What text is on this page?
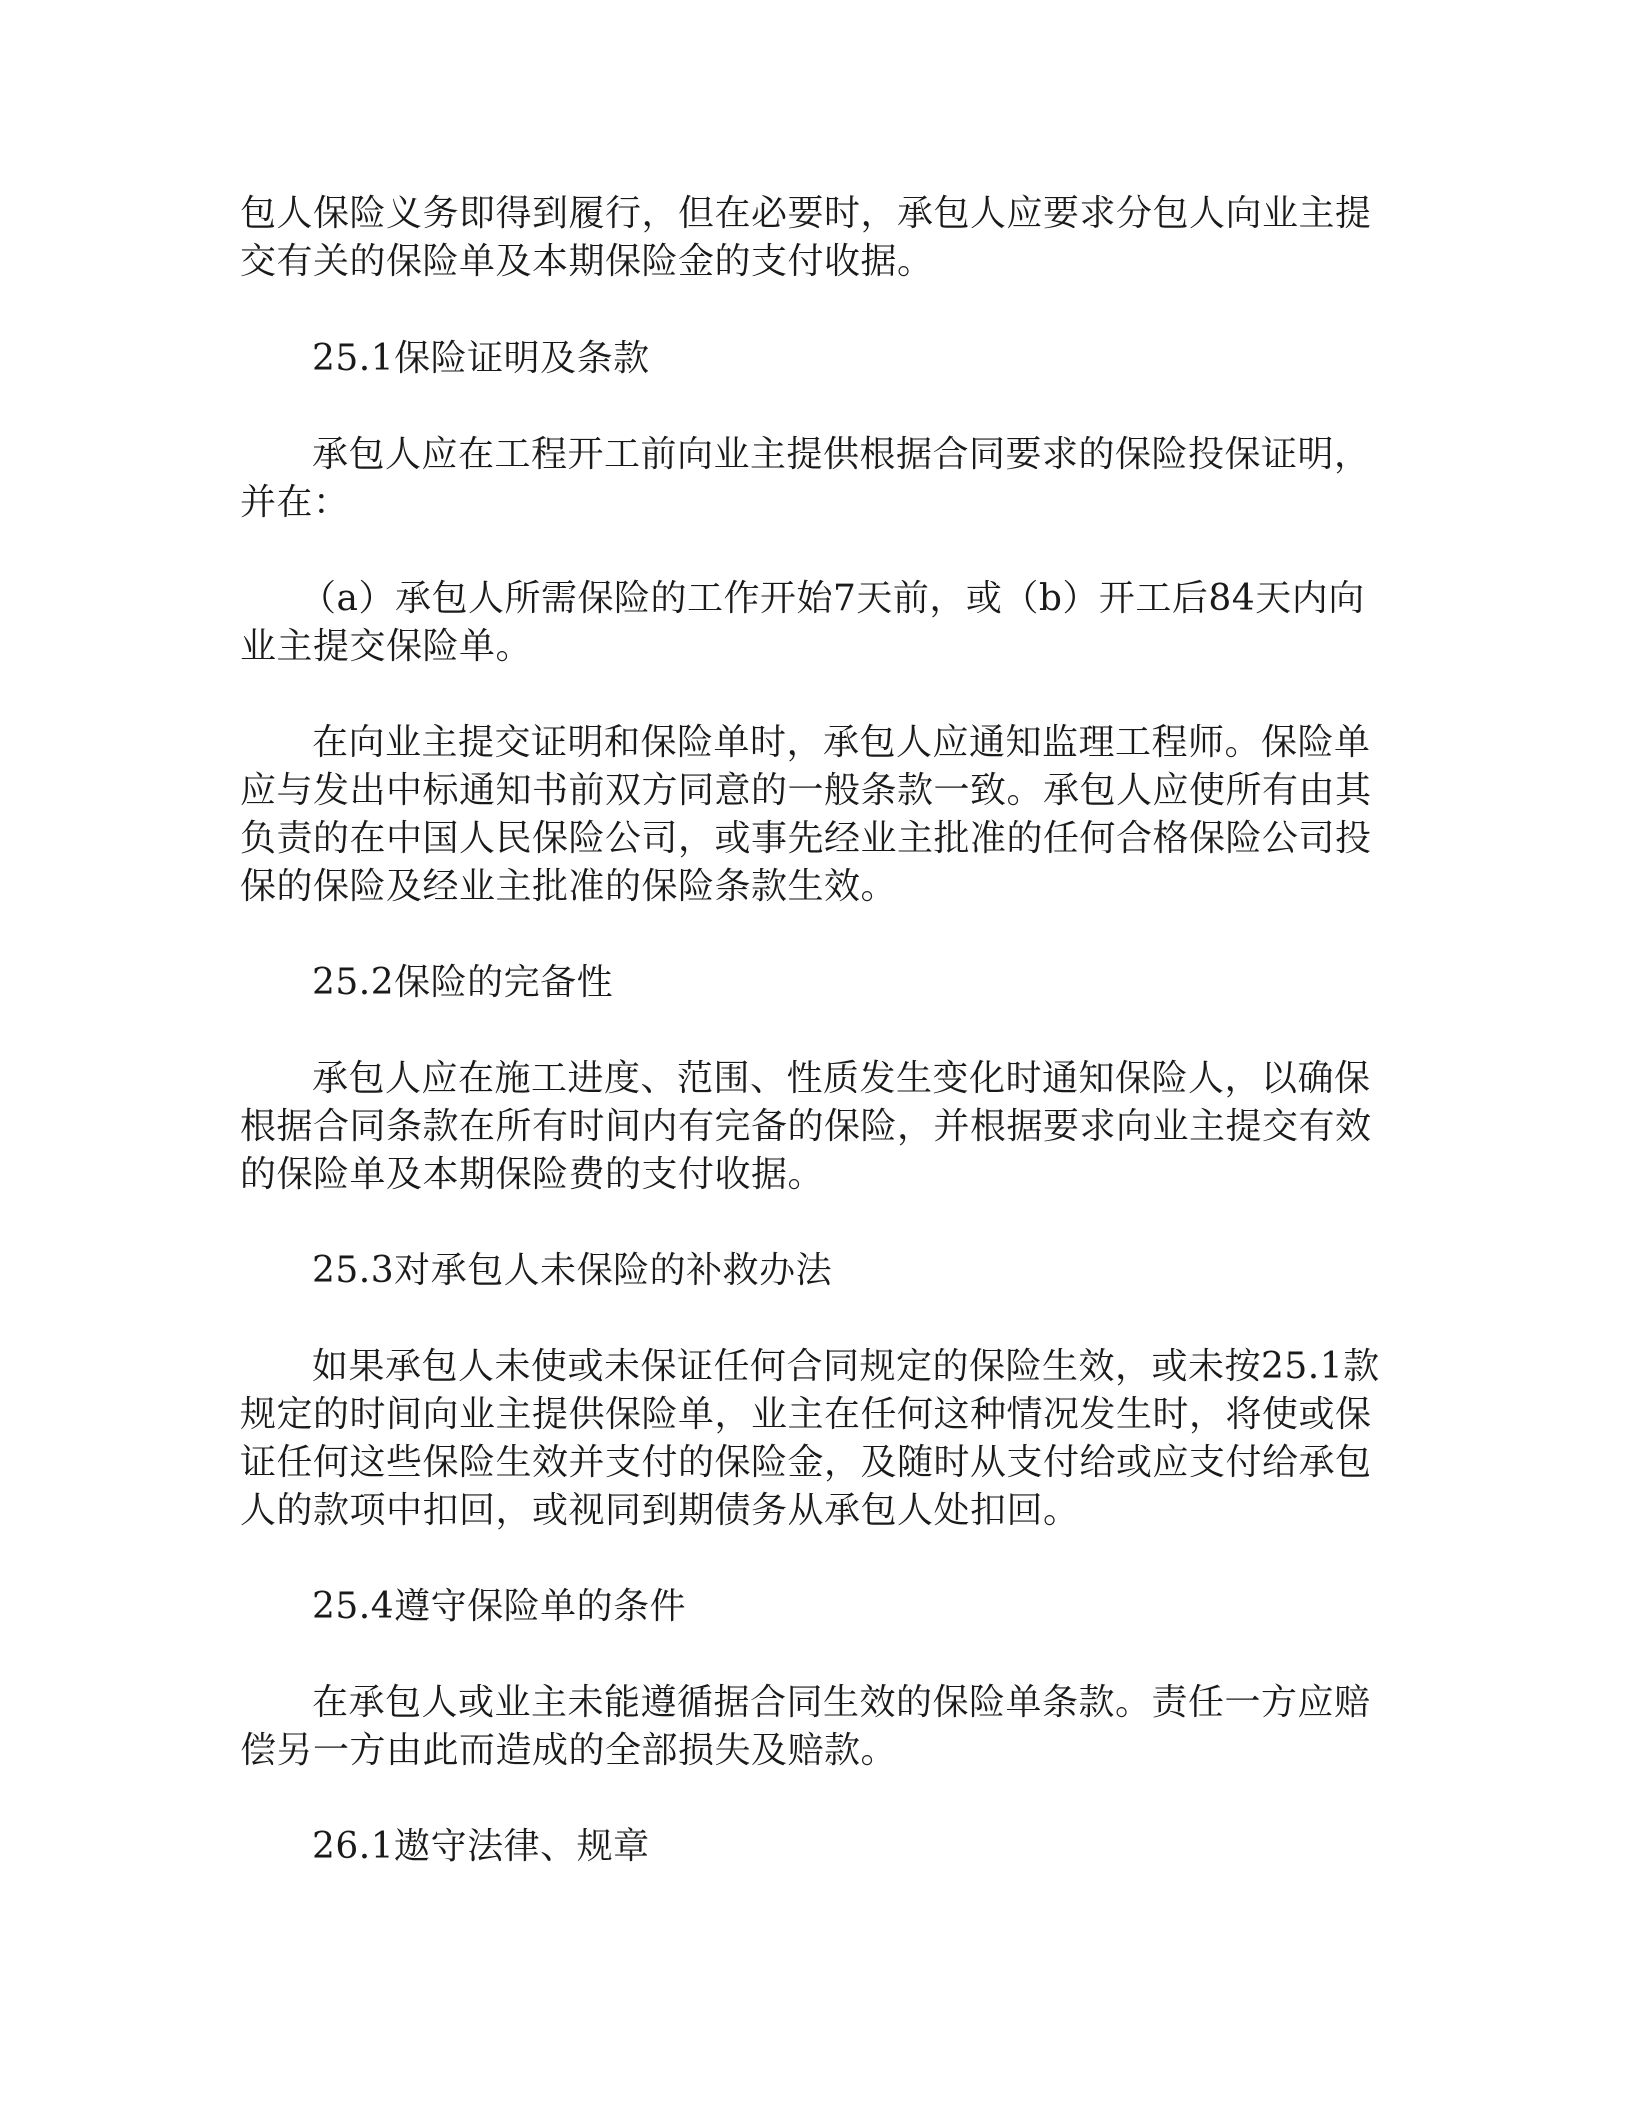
包人保险义务即得到履行，但在必要时，承包人应要求分包人向业主提交有关的保险单及本期保险金的支付收据。

25.1保险证明及条款

承包人应在工程开工前向业主提供根据合同要求的保险投保证明，并在：

（a）承包人所需保险的工作开始7天前，或（b）开工后84天内向业主提交保险单。

在向业主提交证明和保险单时，承包人应通知监理工程师。保险单应与发出中标通知书前双方同意的一般条款一致。承包人应使所有由其负责的在中国人民保险公司，或事先经业主批准的任何合格保险公司投保的保险及经业主批准的保险条款生效。

25.2保险的完备性

承包人应在施工进度、范围、性质发生变化时通知保险人，以确保根据合同条款在所有时间内有完备的保险，并根据要求向业主提交有效的保险单及本期保险费的支付收据。

25.3对承包人未保险的补救办法

如果承包人未使或未保证任何合同规定的保险生效，或未按25.1款规定的时间向业主提供保险单，业主在任何这种情况发生时，将使或保证任何这些保险生效并支付的保险金，及随时从支付给或应支付给承包人的款项中扣回，或视同到期债务从承包人处扣回。

25.4遵守保险单的条件

在承包人或业主未能遵循据合同生效的保险单条款。责任一方应赔偿另一方由此而造成的全部损失及赔款。

26.1遨守法律、规章
